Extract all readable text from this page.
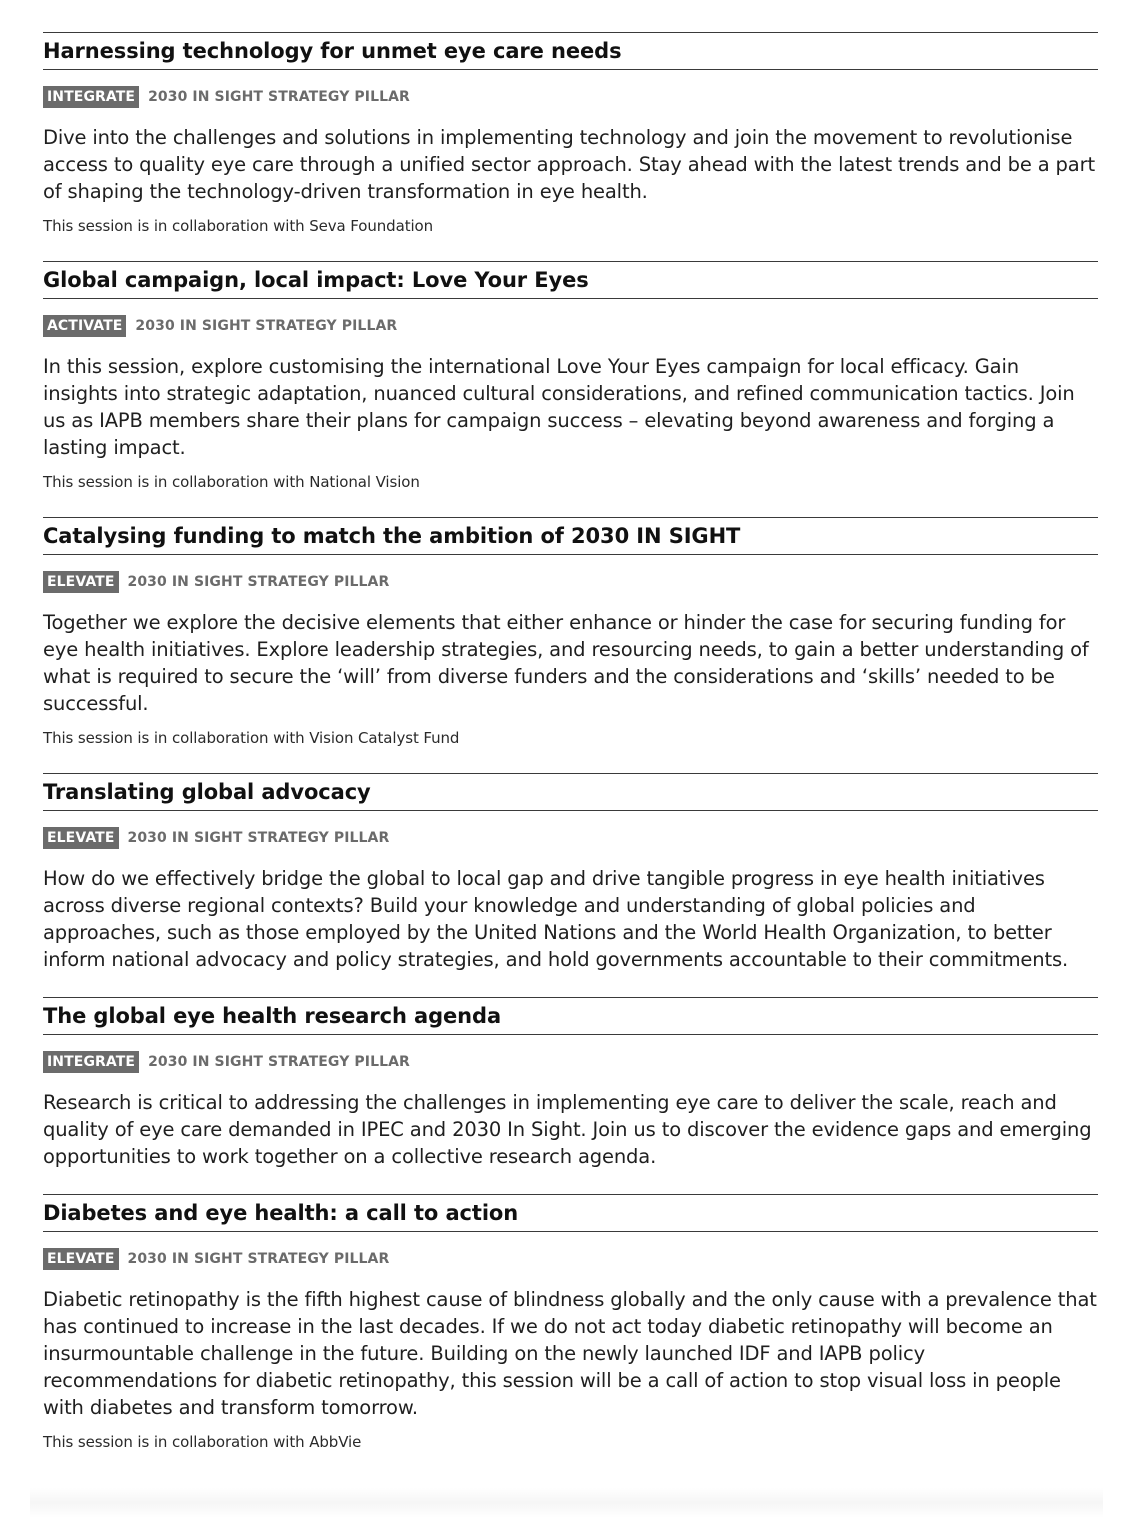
Harnessing technology for unmet eye care needs
INTEGRATE 2030 IN SIGHT STRATEGY PILLAR

Dive into the challenges and solutions in implementing technology and join the movement to revolutionise access to quality eye care through a unified sector approach. Stay ahead with the latest trends and be a part of shaping the technology-driven transformation in eye health.

This session is in collaboration with Seva Foundation
Global campaign, local impact: Love Your Eyes
ACTIVATE 2030 IN SIGHT STRATEGY PILLAR

In this session, explore customising the international Love Your Eyes campaign for local efficacy. Gain insights into strategic adaptation, nuanced cultural considerations, and refined communication tactics. Join us as IAPB members share their plans for campaign success – elevating beyond awareness and forging a lasting impact.

This session is in collaboration with National Vision
Catalysing funding to match the ambition of 2030 IN SIGHT
ELEVATE 2030 IN SIGHT STRATEGY PILLAR

Together we explore the decisive elements that either enhance or hinder the case for securing funding for eye health initiatives. Explore leadership strategies, and resourcing needs, to gain a better understanding of what is required to secure the ‘will’ from diverse funders and the considerations and ‘skills’ needed to be successful.

This session is in collaboration with Vision Catalyst Fund
Translating global advocacy
ELEVATE 2030 IN SIGHT STRATEGY PILLAR

How do we effectively bridge the global to local gap and drive tangible progress in eye health initiatives across diverse regional contexts? Build your knowledge and understanding of global policies and approaches, such as those employed by the United Nations and the World Health Organization, to better inform national advocacy and policy strategies, and hold governments accountable to their commitments.

The global eye health research agenda
INTEGRATE 2030 IN SIGHT STRATEGY PILLAR

Research is critical to addressing the challenges in implementing eye care to deliver the scale, reach and quality of eye care demanded in IPEC and 2030 In Sight. Join us to discover the evidence gaps and emerging opportunities to work together on a collective research agenda.

Diabetes and eye health: a call to action
ELEVATE 2030 IN SIGHT STRATEGY PILLAR

Diabetic retinopathy is the fifth highest cause of blindness globally and the only cause with a prevalence that has continued to increase in the last decades. If we do not act today diabetic retinopathy will become an insurmountable challenge in the future. Building on the newly launched IDF and IAPB policy recommendations for diabetic retinopathy, this session will be a call of action to stop visual loss in people with diabetes and transform tomorrow.

This session is in collaboration with AbbVie
